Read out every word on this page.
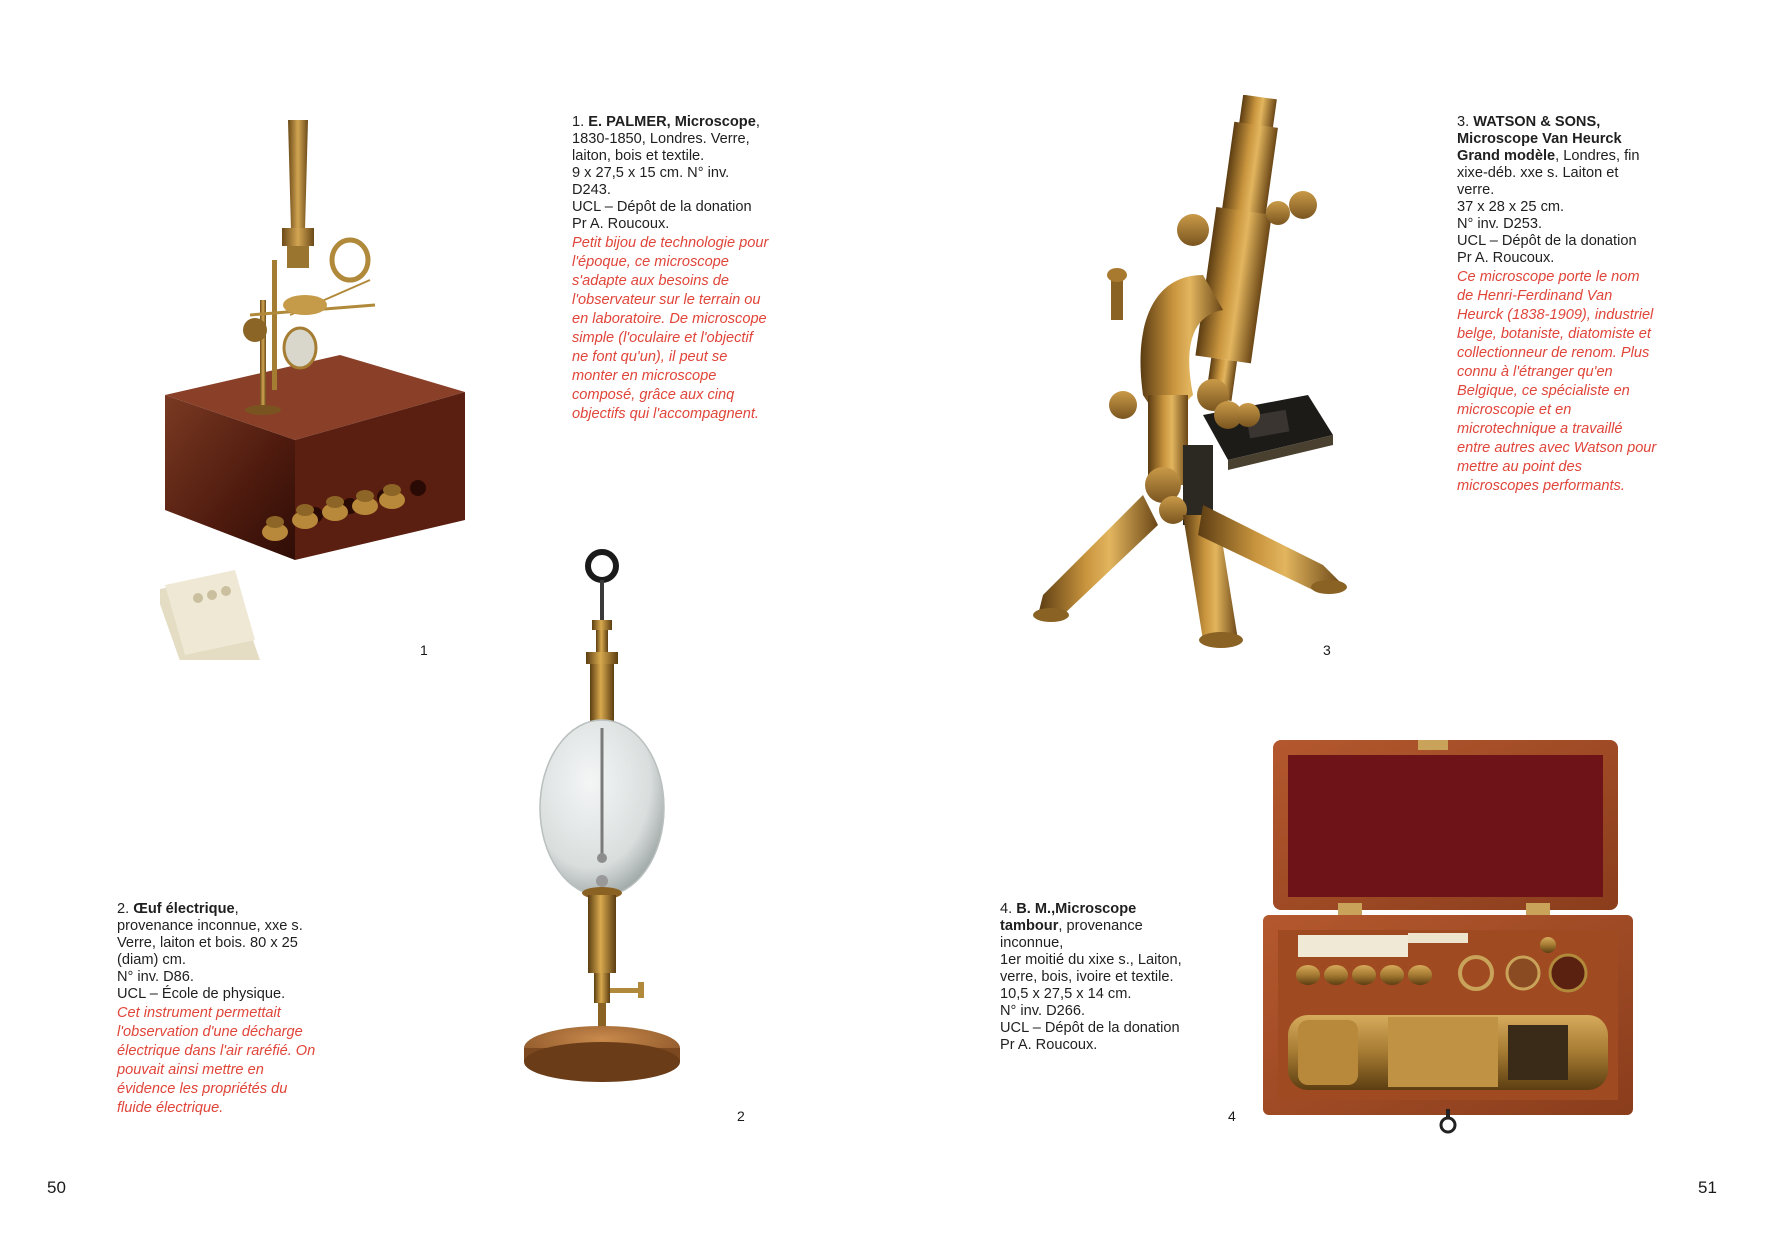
1
1. E. PALMER, Microscope,
1830-1850, Londres. Verre,
laiton, bois et textile.
9 x 27,5 x 15 cm. N° inv. D243.
UCL – Dépôt de la donation
Pr A. Roucoux.
Petit bijou de technologie pour l'époque, ce microscope s'adapte aux besoins de l'observateur sur le terrain ou en laboratoire. De microscope simple (l'oculaire et l'objectif ne font qu'un), il peut se monter en microscope composé, grâce aux cinq objectifs qui l'accompagnent.
2
2. Œuf électrique,
provenance inconnue, xxe s.
Verre, laiton et bois. 80 x 25
(diam) cm.
N° inv. D86.
UCL – École de physique.
Cet instrument permettait l'observation d'une décharge électrique dans l'air raréfié. On pouvait ainsi mettre en évidence les propriétés du fluide électrique.
50
3
3. WATSON & SONS,
Microscope Van Heurck
Grand modèle, Londres, fin
xixe-déb. xxe s. Laiton et verre.
37 x 28 x 25 cm.
N° inv. D253.
UCL – Dépôt de la donation
Pr A. Roucoux.
Ce microscope porte le nom de Henri-Ferdinand Van Heurck (1838-1909), industriel belge, botaniste, diatomiste et collectionneur de renom. Plus connu à l'étranger qu'en Belgique, ce spécialiste en microscopie et en microtechnique a travaillé entre autres avec Watson pour mettre au point des microscopes performants.
4
4. B. M.,Microscope
tambour, provenance
inconnue,
1er moitié du xixe s., Laiton,
verre, bois, ivoire et textile.
10,5 x 27,5 x 14 cm.
N° inv. D266.
UCL – Dépôt de la donation
Pr A. Roucoux.
51
